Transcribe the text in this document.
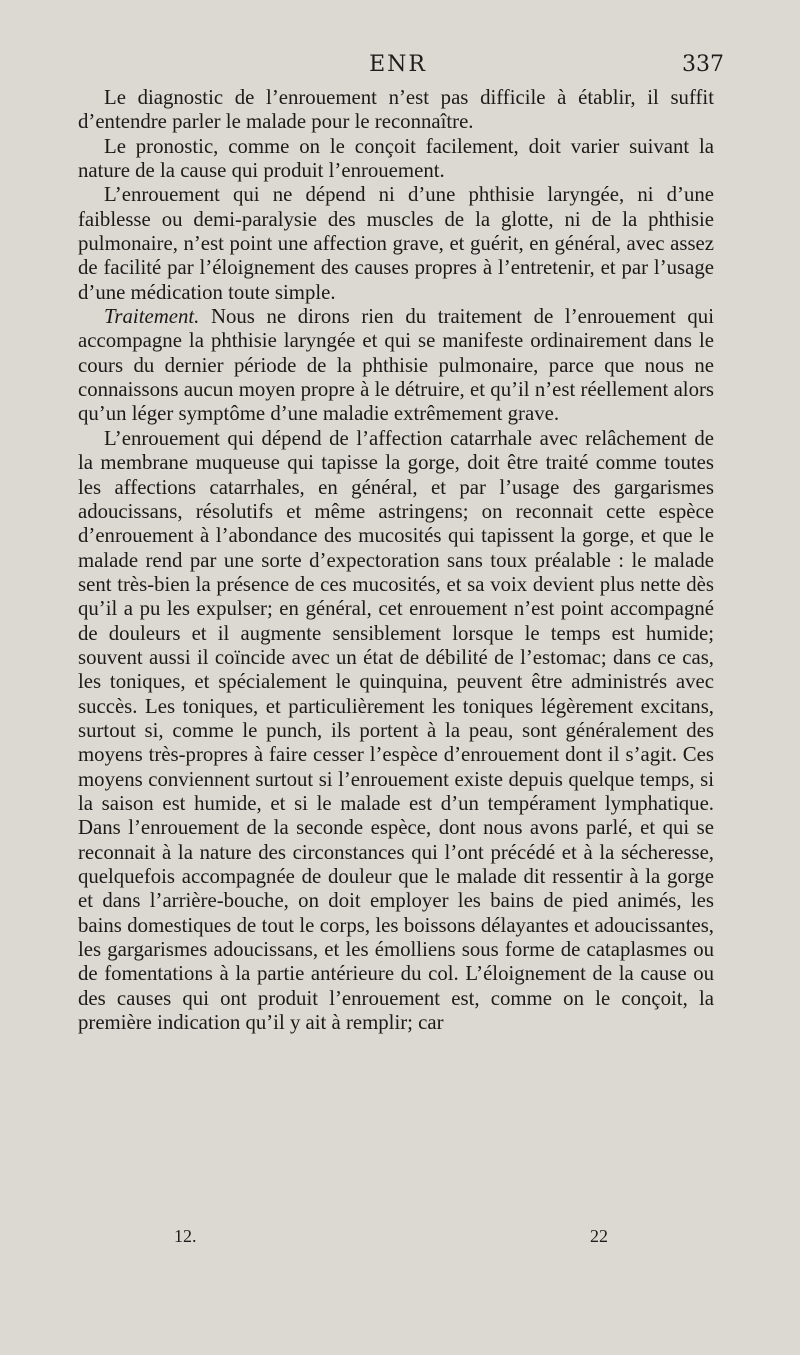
ENR	337

Le diagnostic de l’enrouement n’est pas difficile à établir, il suffit d’entendre parler le malade pour le reconnaître.

Le pronostic, comme on le conçoit facilement, doit varier suivant la nature de la cause qui produit l’enrouement.

L’enrouement qui ne dépend ni d’une phthisie laryngée, ni d’une faiblesse ou demi-paralysie des muscles de la glotte, ni de la phthisie pulmonaire, n’est point une affection grave, et guérit, en général, avec assez de facilité par l’éloignement des causes propres à l’entretenir, et par l’usage d’une médication toute simple.

Traitement. Nous ne dirons rien du traitement de l’enrouement qui accompagne la phthisie laryngée et qui se manifeste ordinairement dans le cours du dernier période de la phthisie pulmonaire, parce que nous ne connaissons aucun moyen propre à le détruire, et qu’il n’est réellement alors qu’un léger symptôme d’une maladie extrêmement grave.

L’enrouement qui dépend de l’affection catarrhale avec relâchement de la membrane muqueuse qui tapisse la gorge, doit être traité comme toutes les affections catarrhales, en général, et par l’usage des gargarismes adoucissans, résolutifs et même astringens; on reconnait cette espèce d’enrouement à l’abondance des mucosités qui tapissent la gorge, et que le malade rend par une sorte d’expectoration sans toux préalable : le malade sent très-bien la présence de ces mucosités, et sa voix devient plus nette dès qu’il a pu les expulser; en général, cet enrouement n’est point accompagné de douleurs et il augmente sensiblement lorsque le temps est humide; souvent aussi il coïncide avec un état de débilité de l’estomac; dans ce cas, les toniques, et spécialement le quinquina, peuvent être administrés avec succès. Les toniques, et particulièrement les toniques légèrement excitans, surtout si, comme le punch, ils portent à la peau, sont généralement des moyens très-propres à faire cesser l’espèce d’enrouement dont il s’agit. Ces moyens conviennent surtout si l’enrouement existe depuis quelque temps, si la saison est humide, et si le malade est d’un tempérament lymphatique. Dans l’enrouement de la seconde espèce, dont nous avons parlé, et qui se reconnait à la nature des circonstances qui l’ont précédé et à la sécheresse, quelquefois accompagnée de douleur que le malade dit ressentir à la gorge et dans l’arrière-bouche, on doit employer les bains de pied animés, les bains domestiques de tout le corps, les boissons délayantes et adoucissantes, les gargarismes adoucissans, et les émolliens sous forme de cataplasmes ou de fomentations à la partie antérieure du col. L’éloignement de la cause ou des causes qui ont produit l’enrouement est, comme on le conçoit, la première indication qu’il y ait à remplir; car

12.	22
